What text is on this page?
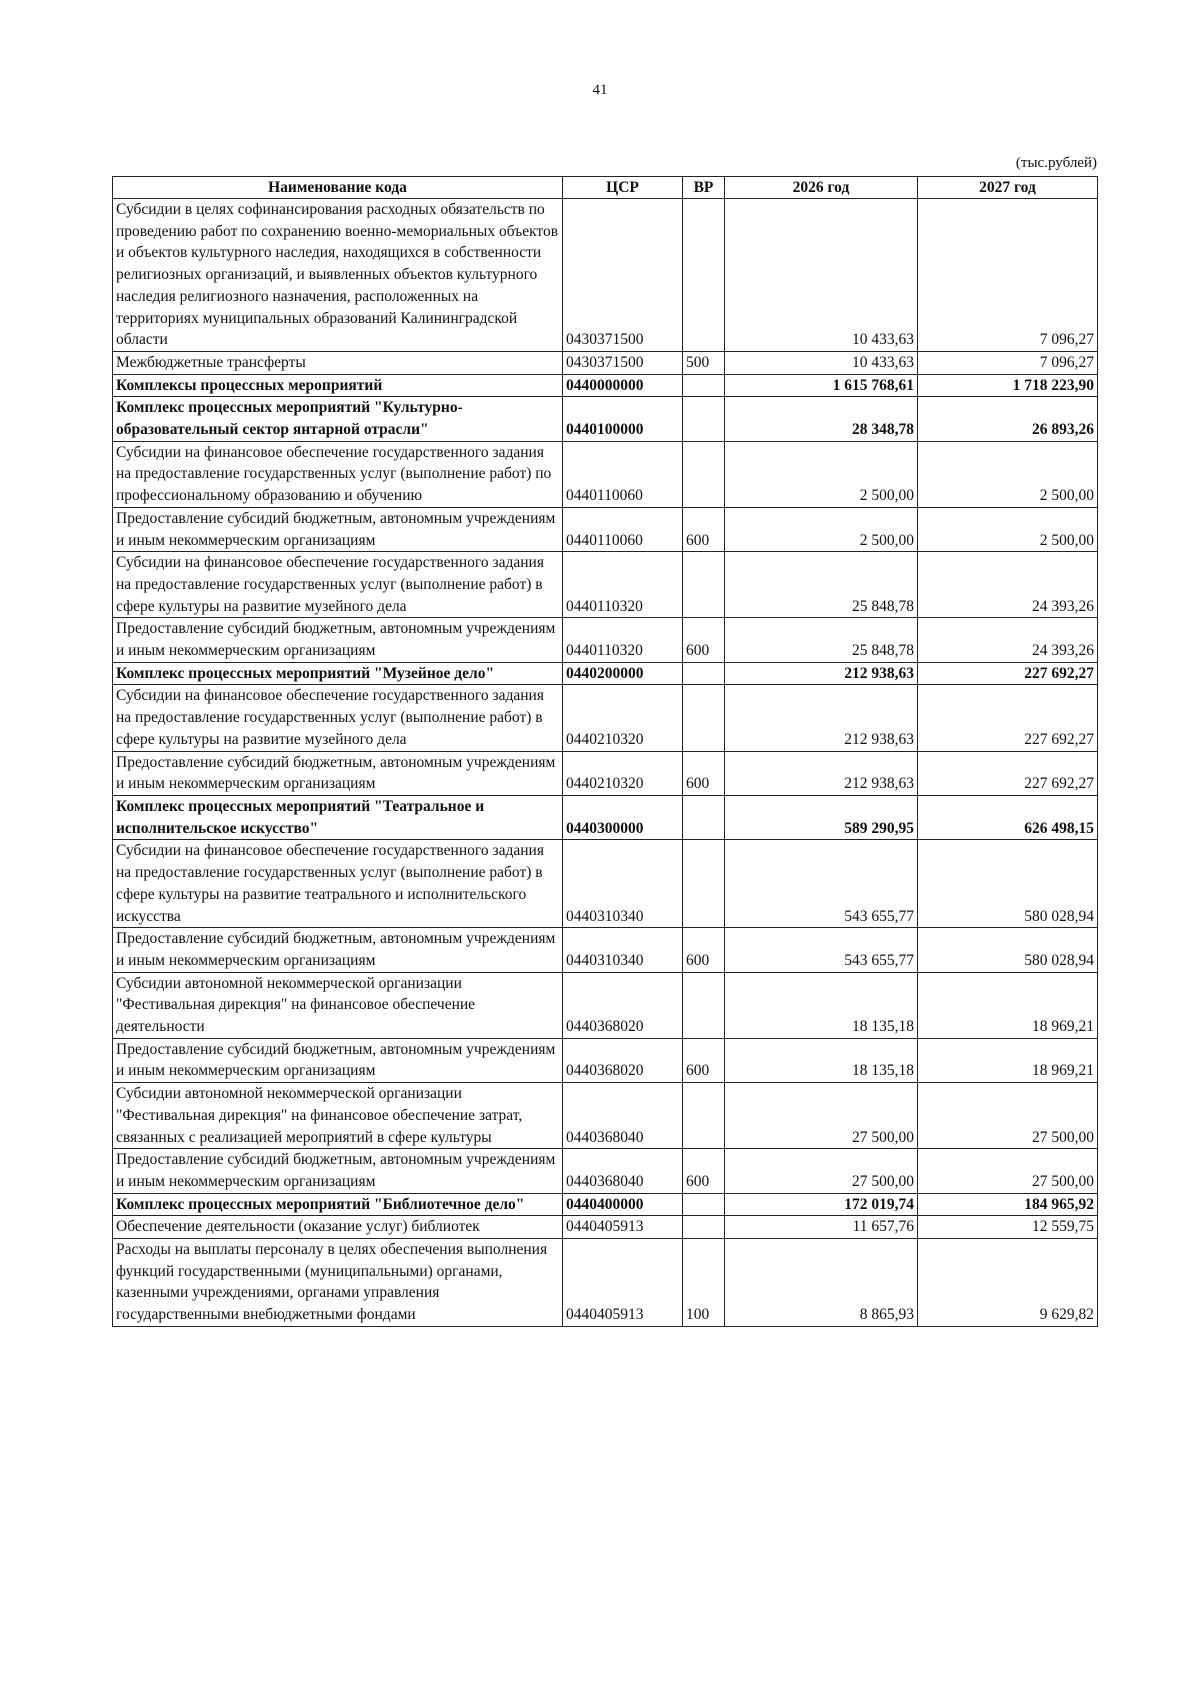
41
(тыс.рублей)
Наименование кода	ЦСР	ВР	2026 год	2027 год
Субсидии в целях софинансирования расходных обязательств по проведению работ по сохранению военно-мемориальных объектов и объектов культурного наследия, находящихся в собственности религиозных организаций, и выявленных объектов культурного наследия религиозного назначения, расположенных на территориях муниципальных образований Калининградской области	0430371500		10 433,63	7 096,27
Межбюджетные трансферты	0430371500	500	10 433,63	7 096,27
Комплексы процессных мероприятий	0440000000		1 615 768,61	1 718 223,90
Комплекс процессных мероприятий "Культурно-образовательный сектор янтарной отрасли"	0440100000		28 348,78	26 893,26
Субсидии на финансовое обеспечение государственного задания на предоставление государственных услуг (выполнение работ) по профессиональному образованию и обучению	0440110060		2 500,00	2 500,00
Предоставление субсидий бюджетным, автономным учреждениям и иным некоммерческим организациям	0440110060	600	2 500,00	2 500,00
Субсидии на финансовое обеспечение государственного задания на предоставление государственных услуг (выполнение работ) в сфере культуры на развитие музейного дела	0440110320		25 848,78	24 393,26
Предоставление субсидий бюджетным, автономным учреждениям и иным некоммерческим организациям	0440110320	600	25 848,78	24 393,26
Комплекс процессных мероприятий "Музейное дело"	0440200000		212 938,63	227 692,27
Субсидии на финансовое обеспечение государственного задания на предоставление государственных услуг (выполнение работ) в сфере культуры на развитие музейного дела	0440210320		212 938,63	227 692,27
Предоставление субсидий бюджетным, автономным учреждениям и иным некоммерческим организациям	0440210320	600	212 938,63	227 692,27
Комплекс процессных мероприятий "Театральное и исполнительское искусство"	0440300000		589 290,95	626 498,15
Субсидии на финансовое обеспечение государственного задания на предоставление государственных услуг (выполнение работ) в сфере культуры на развитие театрального и исполнительского искусства	0440310340		543 655,77	580 028,94
Предоставление субсидий бюджетным, автономным учреждениям и иным некоммерческим организациям	0440310340	600	543 655,77	580 028,94
Субсидии автономной некоммерческой организации "Фестивальная дирекция" на финансовое обеспечение деятельности	0440368020		18 135,18	18 969,21
Предоставление субсидий бюджетным, автономным учреждениям и иным некоммерческим организациям	0440368020	600	18 135,18	18 969,21
Субсидии автономной некоммерческой организации "Фестивальная дирекция" на финансовое обеспечение затрат, связанных с реализацией мероприятий в сфере культуры	0440368040		27 500,00	27 500,00
Предоставление субсидий бюджетным, автономным учреждениям и иным некоммерческим организациям	0440368040	600	27 500,00	27 500,00
Комплекс процессных мероприятий "Библиотечное дело"	0440400000		172 019,74	184 965,92
Обеспечение деятельности (оказание услуг) библиотек	0440405913		11 657,76	12 559,75
Расходы на выплаты персоналу в целях обеспечения выполнения функций государственными (муниципальными) органами, казенными учреждениями, органами управления государственными внебюджетными фондами	0440405913	100	8 865,93	9 629,82
